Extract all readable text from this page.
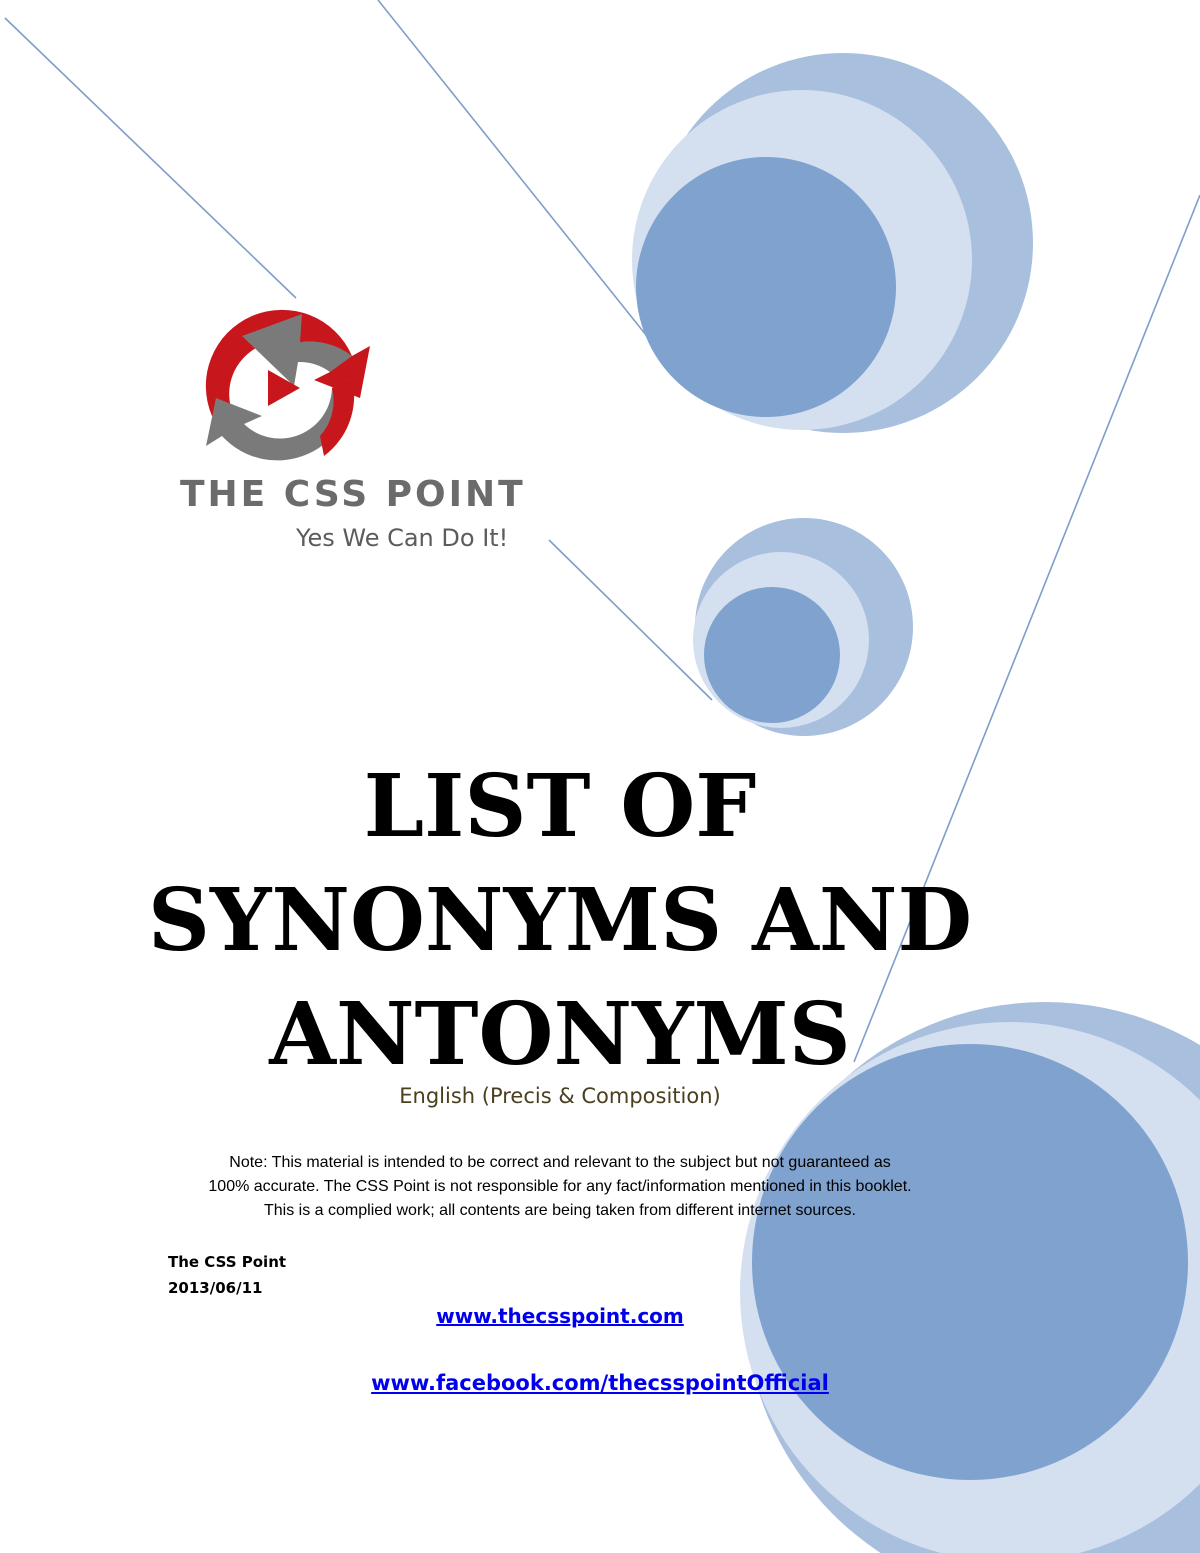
THE CSS POINT
Yes We Can Do It!
LIST OF
SYNONYMS AND
ANTONYMS
English (Precis & Composition)
Note: This material is intended to be correct and relevant to the subject but not guaranteed as
100% accurate. The CSS Point is not responsible for any fact/information mentioned in this booklet.
This is a complied work; all contents are being taken from different internet sources.
The CSS Point
2013/06/11
www.thecsspoint.com
www.facebook.com/thecsspointOfficial
